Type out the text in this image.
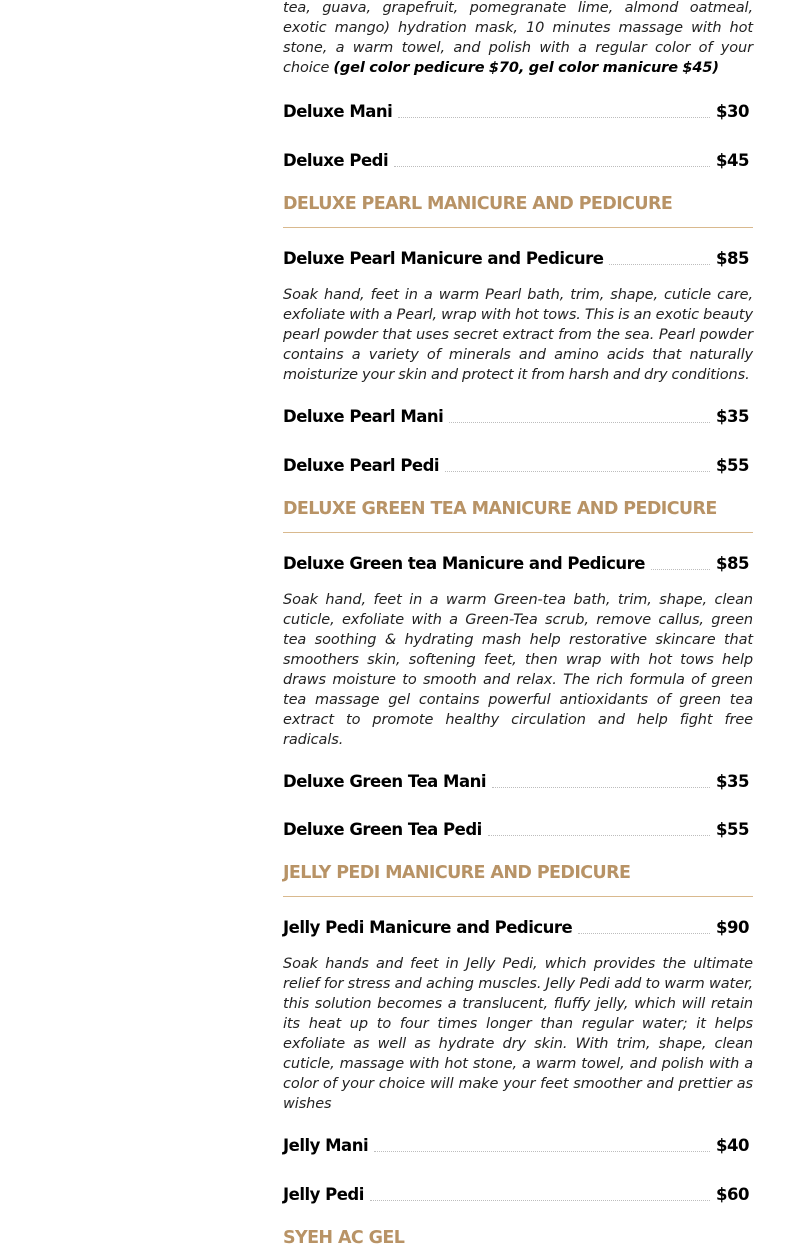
tea, guava, grapefruit, pomegranate lime, almond oatmeal, exotic mango) hydration mask, 10 minutes massage with hot stone, a warm towel, and polish with a regular color of your choice (gel color pedicure $70, gel color manicure $45)

Deluxe Mani	$30
Deluxe Pedi	$45
DELUXE PEARL MANICURE AND PEDICURE
Deluxe Pearl Manicure and Pedicure	$85

Soak hand, feet in a warm Pearl bath, trim, shape, cuticle care, exfoliate with a Pearl, wrap with hot tows. This is an exotic beauty pearl powder that uses secret extract from the sea. Pearl powder contains a variety of minerals and amino acids that naturally moisturize your skin and protect it from harsh and dry conditions.

Deluxe Pearl Mani	$35
Deluxe Pearl Pedi	$55
DELUXE GREEN TEA MANICURE AND PEDICURE
Deluxe Green tea Manicure and Pedicure	$85

Soak hand, feet in a warm Green-tea bath, trim, shape, clean cuticle, exfoliate with a Green-Tea scrub, remove callus, green tea soothing & hydrating mash help restorative skincare that smoothers skin, softening feet, then wrap with hot tows help draws moisture to smooth and relax. The rich formula of green tea massage gel contains powerful antioxidants of green tea extract to promote healthy circulation and help fight free radicals.

Deluxe Green Tea Mani	$35
Deluxe Green Tea Pedi	$55
JELLY PEDI MANICURE AND PEDICURE
Jelly Pedi Manicure and Pedicure	$90

Soak hands and feet in Jelly Pedi, which provides the ultimate relief for stress and aching muscles. Jelly Pedi add to warm water, this solution becomes a translucent, fluffy jelly, which will retain its heat up to four times longer than regular water; it helps exfoliate as well as hydrate dry skin. With trim, shape, clean cuticle, massage with hot stone, a warm towel, and polish with a color of your choice will make your feet smoother and prettier as wishes

Jelly Mani	$40
Jelly Pedi	$60
SYEH AC GEL
